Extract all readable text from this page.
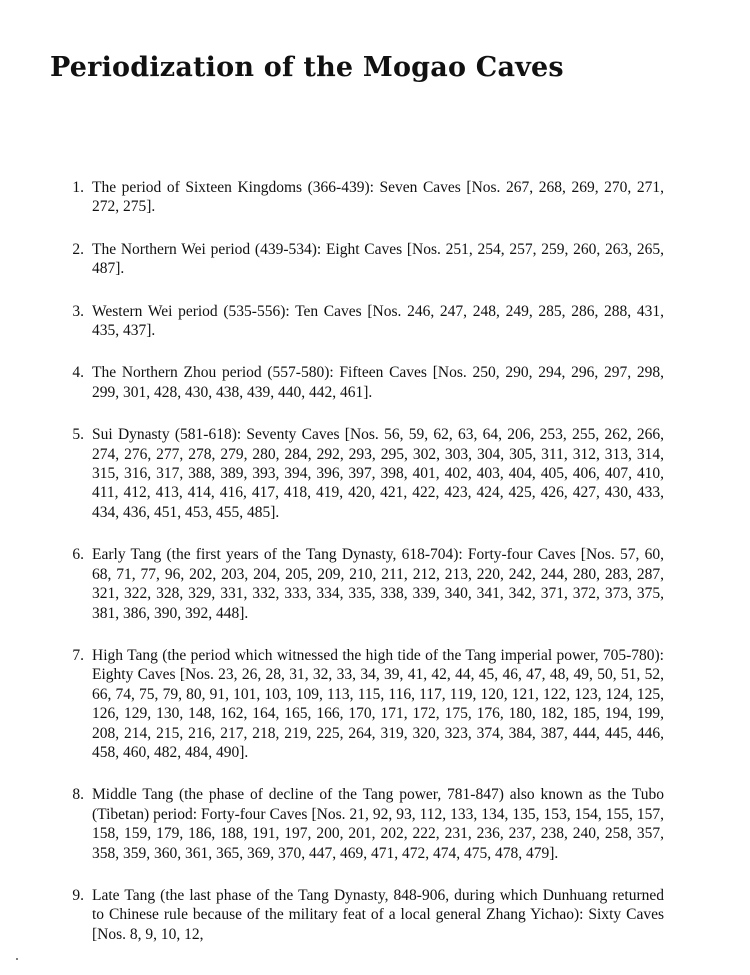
Periodization of the Mogao Caves
1. The period of Sixteen Kingdoms (366-439): Seven Caves [Nos. 267, 268, 269, 270, 271, 272, 275].
2. The Northern Wei period (439-534): Eight Caves [Nos. 251, 254, 257, 259, 260, 263, 265, 487].
3. Western Wei period (535-556): Ten Caves [Nos. 246, 247, 248, 249, 285, 286, 288, 431, 435, 437].
4. The Northern Zhou period (557-580): Fifteen Caves [Nos. 250, 290, 294, 296, 297, 298, 299, 301, 428, 430, 438, 439, 440, 442, 461].
5. Sui Dynasty (581-618): Seventy Caves [Nos. 56, 59, 62, 63, 64, 206, 253, 255, 262, 266, 274, 276, 277, 278, 279, 280, 284, 292, 293, 295, 302, 303, 304, 305, 311, 312, 313, 314, 315, 316, 317, 388, 389, 393, 394, 396, 397, 398, 401, 402, 403, 404, 405, 406, 407, 410, 411, 412, 413, 414, 416, 417, 418, 419, 420, 421, 422, 423, 424, 425, 426, 427, 430, 433, 434, 436, 451, 453, 455, 485].
6. Early Tang (the first years of the Tang Dynasty, 618-704): Forty-four Caves [Nos. 57, 60, 68, 71, 77, 96, 202, 203, 204, 205, 209, 210, 211, 212, 213, 220, 242, 244, 280, 283, 287, 321, 322, 328, 329, 331, 332, 333, 334, 335, 338, 339, 340, 341, 342, 371, 372, 373, 375, 381, 386, 390, 392, 448].
7. High Tang (the period which witnessed the high tide of the Tang imperial power, 705-780): Eighty Caves [Nos. 23, 26, 28, 31, 32, 33, 34, 39, 41, 42, 44, 45, 46, 47, 48, 49, 50, 51, 52, 66, 74, 75, 79, 80, 91, 101, 103, 109, 113, 115, 116, 117, 119, 120, 121, 122, 123, 124, 125, 126, 129, 130, 148, 162, 164, 165, 166, 170, 171, 172, 175, 176, 180, 182, 185, 194, 199, 208, 214, 215, 216, 217, 218, 219, 225, 264, 319, 320, 323, 374, 384, 387, 444, 445, 446, 458, 460, 482, 484, 490].
8. Middle Tang (the phase of decline of the Tang power, 781-847) also known as the Tubo (Tibetan) period: Forty-four Caves [Nos. 21, 92, 93, 112, 133, 134, 135, 153, 154, 155, 157, 158, 159, 179, 186, 188, 191, 197, 200, 201, 202, 222, 231, 236, 237, 238, 240, 258, 357, 358, 359, 360, 361, 365, 369, 370, 447, 469, 471, 472, 474, 475, 478, 479].
9. Late Tang (the last phase of the Tang Dynasty, 848-906, during which Dunhuang returned to Chinese rule because of the military feat of a local general Zhang Yichao): Sixty Caves [Nos. 8, 9, 10, 12,
